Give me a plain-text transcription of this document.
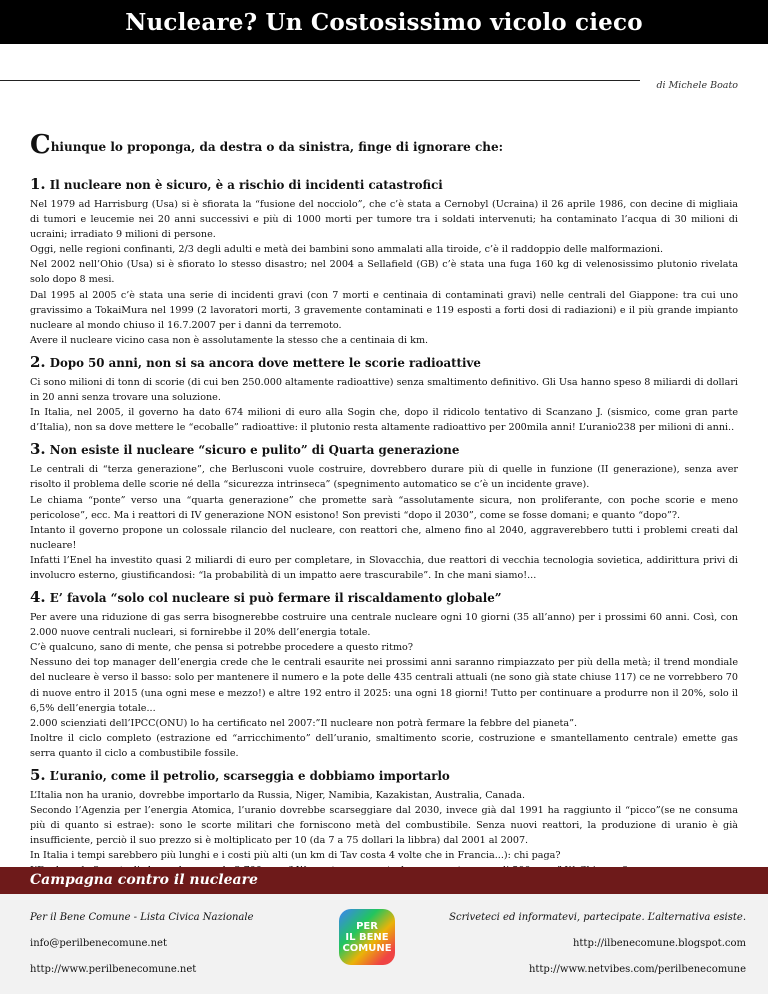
Nucleare? Un Costosissimo vicolo cieco
di Michele Boato
Chiunque lo proponga, da destra o da sinistra, finge di ignorare che:
1. Il nucleare non è sicuro, è a rischio di incidenti catastrofici

Nel 1979 ad Harrisburg (Usa) si è sfiorata la “fusione del nocciolo”, che c’è stata a Cernobyl (Ucraina) il 26 aprile 1986, con decine di migliaia di tumori e leucemie nei 20 anni successivi e più di 1000 morti per tumore tra i soldati intervenuti; ha contaminato l’acqua di 30 milioni di ucraini; irradiato 9 milioni di persone.

Oggi, nelle regioni confinanti, 2/3 degli adulti e metà dei bambini sono ammalati alla tiroide, c’è il raddoppio delle malformazioni.

Nel 2002 nell’Ohio (Usa) si è sfiorato lo stesso disastro; nel 2004 a Sellafield (GB) c’è stata una fuga 160 kg di velenosissimo plutonio rivelata solo dopo 8 mesi.

Dal 1995 al 2005 c’è stata una serie di incidenti gravi (con 7 morti e centinaia di contaminati gravi) nelle centrali del Giappone: tra cui uno gravissimo a TokaiMura nel 1999 (2 lavoratori morti, 3 gravemente contaminati e 119 esposti a forti dosi di radiazioni) e il più grande impianto nucleare al mondo chiuso il 16.7.2007 per i danni da terremoto.

Avere il nucleare vicino casa non è assolutamente la stesso che a centinaia di km.

2. Dopo 50 anni, non si sa ancora dove mettere le scorie radioattive

Ci sono milioni di tonn di scorie (di cui ben 250.000 altamente radioattive) senza smaltimento definitivo. Gli Usa hanno speso 8 miliardi di dollari in 20 anni senza trovare una soluzione.

In Italia, nel 2005, il governo ha dato 674 milioni di euro alla Sogin che, dopo il ridicolo tentativo di Scanzano J. (sismico, come gran parte d’Italia), non sa dove mettere le “ecoballe” radioattive: il plutonio resta altamente radioattivo per 200mila anni! L’uranio238 per milioni di anni..

3. Non esiste il nucleare “sicuro e pulito” di Quarta generazione

Le centrali di “terza generazione”, che Berlusconi vuole costruire, dovrebbero durare più di quelle in funzione (II generazione), senza aver risolto il problema delle scorie né della “sicurezza intrinseca” (spegnimento automatico se c’è un incidente grave).

Le chiama “ponte” verso una “quarta generazione” che promette sarà “assolutamente sicura, non proliferante, con poche scorie e meno pericolose”, ecc. Ma i reattori di IV generazione NON esistono! Son previsti “dopo il 2030”, come se fosse domani; e quanto “dopo”?.

Intanto il governo propone un colossale rilancio del nucleare, con reattori che, almeno fino al 2040, aggraverebbero tutti i problemi creati dal nucleare!

Infatti l’Enel ha investito quasi 2 miliardi di euro per completare, in Slovacchia, due reattori di vecchia tecnologia sovietica, addirittura privi di involucro esterno, giustificandosi: “la probabilità di un impatto aere trascurabile”. In che mani siamo!...

4. E’ favola “solo col nucleare si può fermare il riscaldamento globale”

Per avere una riduzione di gas serra bisognerebbe costruire una centrale nucleare ogni 10 giorni (35 all’anno) per i prossimi 60 anni. Così, con 2.000 nuove centrali nucleari, si fornirebbe il 20% dell’energia totale.

C’è qualcuno, sano di mente, che pensa si potrebbe procedere a questo ritmo?

Nessuno dei top manager dell’energia crede che le centrali esaurite nei prossimi anni saranno rimpiazzato per più della metà; il trend mondiale del nucleare è verso il basso: solo per mantenere il numero e la pote delle 435 centrali attuali (ne sono già state chiuse 117) ce ne vorrebbero 70 di nuove entro il 2015 (una ogni mese e mezzo!) e altre 192 entro il 2025: una ogni 18 giorni! Tutto per continuare a produrre non il 20%, solo il 6,5% dell’energia totale...

2.000 scienziati dell’IPCC(ONU) lo ha certificato nel 2007:”Il nucleare non potrà fermare la febbre del pianeta”.

Inoltre il ciclo completo (estrazione ed “arricchimento” dell’uranio, smaltimento scorie, costruzione e smantellamento centrale) emette gas serra quanto il ciclo a combustibile fossile.

5. L’uranio, come il petrolio, scarseggia e dobbiamo importarlo

L’Italia non ha uranio, dovrebbe importarlo da Russia, Niger, Namibia, Kazakistan, Australia, Canada.

Secondo l’Agenzia per l’energia Atomica, l’uranio dovrebbe scarseggiare dal 2030, invece già dal 1991 ha raggiunto il “picco”(se ne consuma più di quanto si estrae): sono le scorte militari che forniscono metà del combustibile. Senza nuovi reattori, la produzione di uranio è già insufficiente, perciò il suo prezzo si è moltiplicato per 10 (da 7 a 75 dollari la libbra) dal 2001 al 2007.

In Italia i tempi sarebbero più lunghi e i costi più alti (un km di Tav costa 4 volte che in Francia...): chi paga?

Campagna contro il nucleare
Per il Bene Comune - Lista Civica Nazionale
info@perilbenecomune.net
http://www.perilbenecomune.net
Scriveteci ed informatevi, partecipate. L’alternativa esiste.
http://ilbenecomune.blogspot.com
http://www.netvibes.com/perilbenecomune
PER
IL BENE
COMUNE
